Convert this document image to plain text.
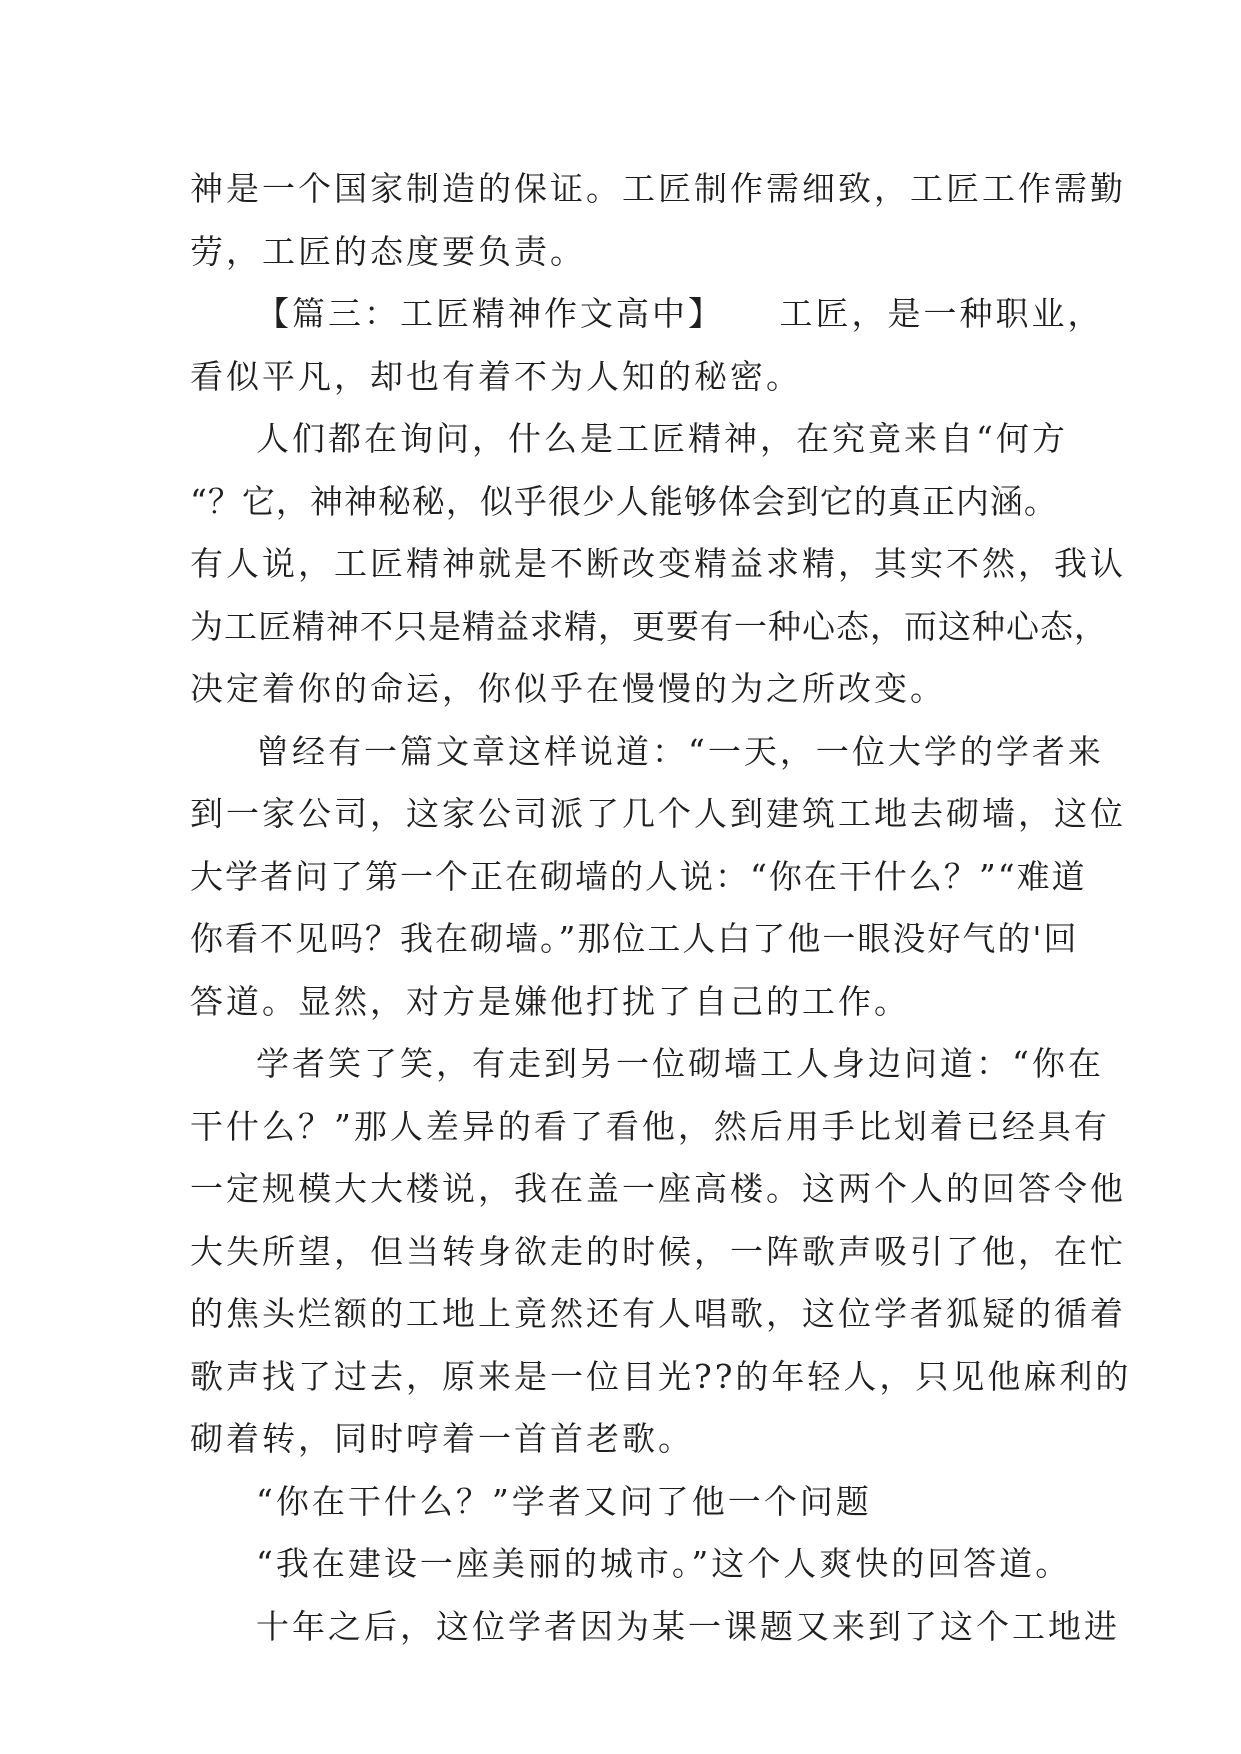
神是一个国家制造的保证。工匠制作需细致，工匠工作需勤
劳，工匠的态度要负责。
【篇三：工匠精神作文高中】　　工匠，是一种职业，
看似平凡，却也有着不为人知的秘密。
人们都在询问，什么是工匠精神，在究竟来自“何方
“？它，神神秘秘，似乎很少人能够体会到它的真正内涵。
有人说，工匠精神就是不断改变精益求精，其实不然，我认
为工匠精神不只是精益求精，更要有一种心态，而这种心态，
决定着你的命运，你似乎在慢慢的为之所改变。
曾经有一篇文章这样说道：“一天，一位大学的学者来
到一家公司，这家公司派了几个人到建筑工地去砌墙，这位
大学者问了第一个正在砌墙的人说：“你在干什么？”“难道
你看不见吗？我在砌墙。”那位工人白了他一眼没好气的'回
答道。显然，对方是嫌他打扰了自己的工作。
学者笑了笑，有走到另一位砌墙工人身边问道：“你在
干什么？”那人差异的看了看他，然后用手比划着已经具有
一定规模大大楼说，我在盖一座高楼。这两个人的回答令他
大失所望，但当转身欲走的时候，一阵歌声吸引了他，在忙
的焦头烂额的工地上竟然还有人唱歌，这位学者狐疑的循着
歌声找了过去，原来是一位目光??的年轻人，只见他麻利的
砌着转，同时哼着一首首老歌。
“你在干什么？”学者又问了他一个问题
“我在建设一座美丽的城市。”这个人爽快的回答道。
十年之后，这位学者因为某一课题又来到了这个工地进
